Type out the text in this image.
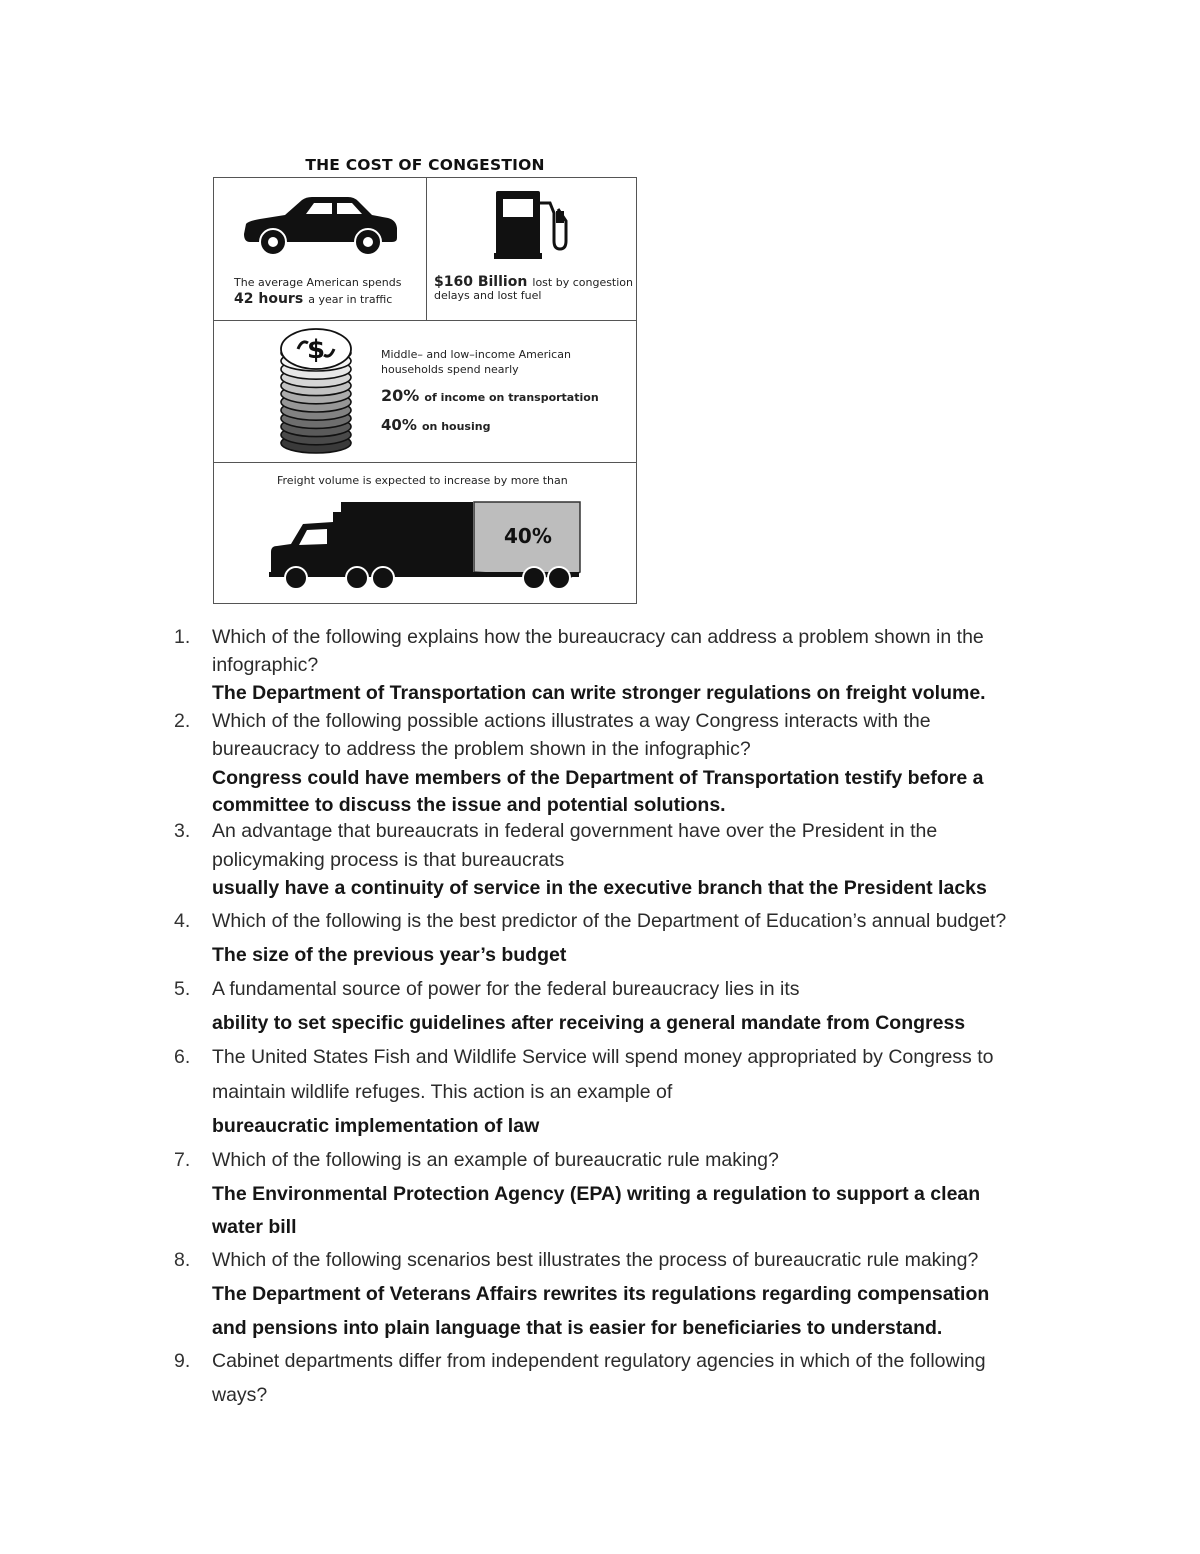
THE COST OF CONGESTION
The average American spends
42 hours a year in traffic
$160 Billion lost by congestion
delays and lost fuel
$	Middle– and low–income American
households spend nearly
20% of income on transportation
40% on housing
Freight volume is expected to increase by more than
40%
1.	Which of the following explains how the bureaucracy can address a problem shown in the
infographic?
The Department of Transportation can write stronger regulations on freight volume.
2.	Which of the following possible actions illustrates a way Congress interacts with the
bureaucracy to address the problem shown in the infographic?
Congress could have members of the Department of Transportation testify before a
committee to discuss the issue and potential solutions.
3.	An advantage that bureaucrats in federal government have over the President in the
policymaking process is that bureaucrats
usually have a continuity of service in the executive branch that the President lacks
4.	Which of the following is the best predictor of the Department of Education’s annual budget?
The size of the previous year’s budget
5.	A fundamental source of power for the federal bureaucracy lies in its
ability to set specific guidelines after receiving a general mandate from Congress
6.	The United States Fish and Wildlife Service will spend money appropriated by Congress to
maintain wildlife refuges. This action is an example of
bureaucratic implementation of law
7.	Which of the following is an example of bureaucratic rule making?
The Environmental Protection Agency (EPA) writing a regulation to support a clean
water bill
8.	Which of the following scenarios best illustrates the process of bureaucratic rule making?
The Department of Veterans Affairs rewrites its regulations regarding compensation
and pensions into plain language that is easier for beneficiaries to understand.
9.	Cabinet departments differ from independent regulatory agencies in which of the following
ways?
